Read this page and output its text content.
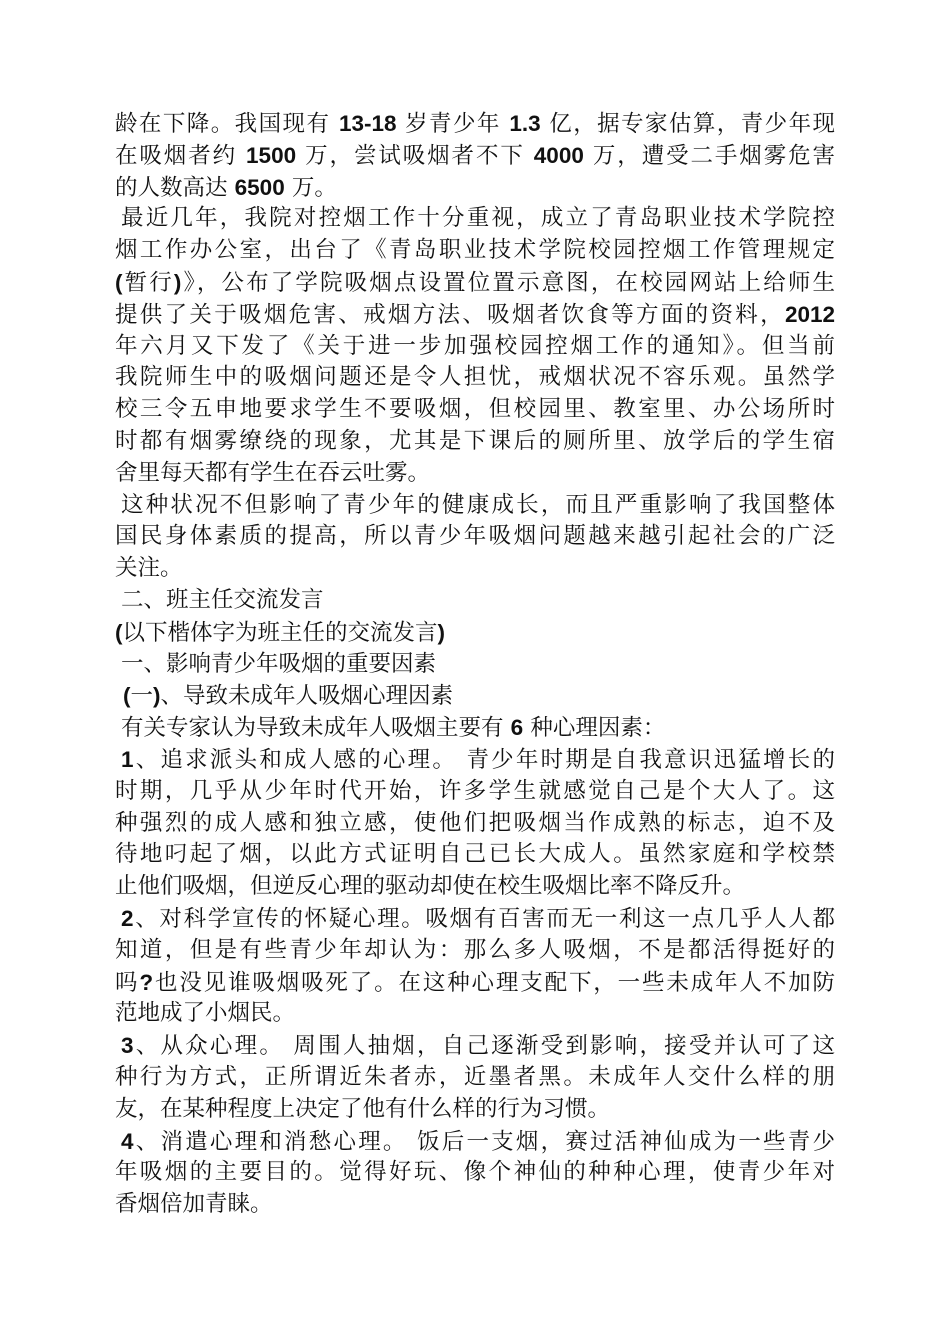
龄在下降。我国现有 13-18 岁青少年 1.3 亿，据专家估算，青少年现
在吸烟者约 1500 万，尝试吸烟者不下 4000 万，遭受二手烟雾危害
的人数高达 6500 万。
最近几年，我院对控烟工作十分重视，成立了青岛职业技术学院控
烟工作办公室，出台了《青岛职业技术学院校园控烟工作管理规定
(暂行)》，公布了学院吸烟点设置位置示意图，在校园网站上给师生
提供了关于吸烟危害、戒烟方法、吸烟者饮食等方面的资料，2012
年六月又下发了《关于进一步加强校园控烟工作的通知》。但当前
我院师生中的吸烟问题还是令人担忧，戒烟状况不容乐观。虽然学
校三令五申地要求学生不要吸烟，但校园里、教室里、办公场所时
时都有烟雾缭绕的现象，尤其是下课后的厕所里、放学后的学生宿
舍里每天都有学生在吞云吐雾。
这种状况不但影响了青少年的健康成长，而且严重影响了我国整体
国民身体素质的提高，所以青少年吸烟问题越来越引起社会的广泛
关注。
二、班主任交流发言
(以下楷体字为班主任的交流发言)
一、影响青少年吸烟的重要因素
(一)、导致未成年人吸烟心理因素
有关专家认为导致未成年人吸烟主要有 6 种心理因素：
1、追求派头和成人感的心理。 青少年时期是自我意识迅猛增长的
时期，几乎从少年时代开始，许多学生就感觉自己是个大人了。这
种强烈的成人感和独立感，使他们把吸烟当作成熟的标志，迫不及
待地叼起了烟，以此方式证明自己已长大成人。虽然家庭和学校禁
止他们吸烟，但逆反心理的驱动却使在校生吸烟比率不降反升。
2、对科学宣传的怀疑心理。吸烟有百害而无一利这一点几乎人人都
知道，但是有些青少年却认为：那么多人吸烟，不是都活得挺好的
吗?也没见谁吸烟吸死了。在这种心理支配下，一些未成年人不加防
范地成了小烟民。
3、从众心理。 周围人抽烟，自己逐渐受到影响，接受并认可了这
种行为方式，正所谓近朱者赤，近墨者黑。未成年人交什么样的朋
友，在某种程度上决定了他有什么样的行为习惯。
4、消遣心理和消愁心理。 饭后一支烟，赛过活神仙成为一些青少
年吸烟的主要目的。觉得好玩、像个神仙的种种心理，使青少年对
香烟倍加青睐。
